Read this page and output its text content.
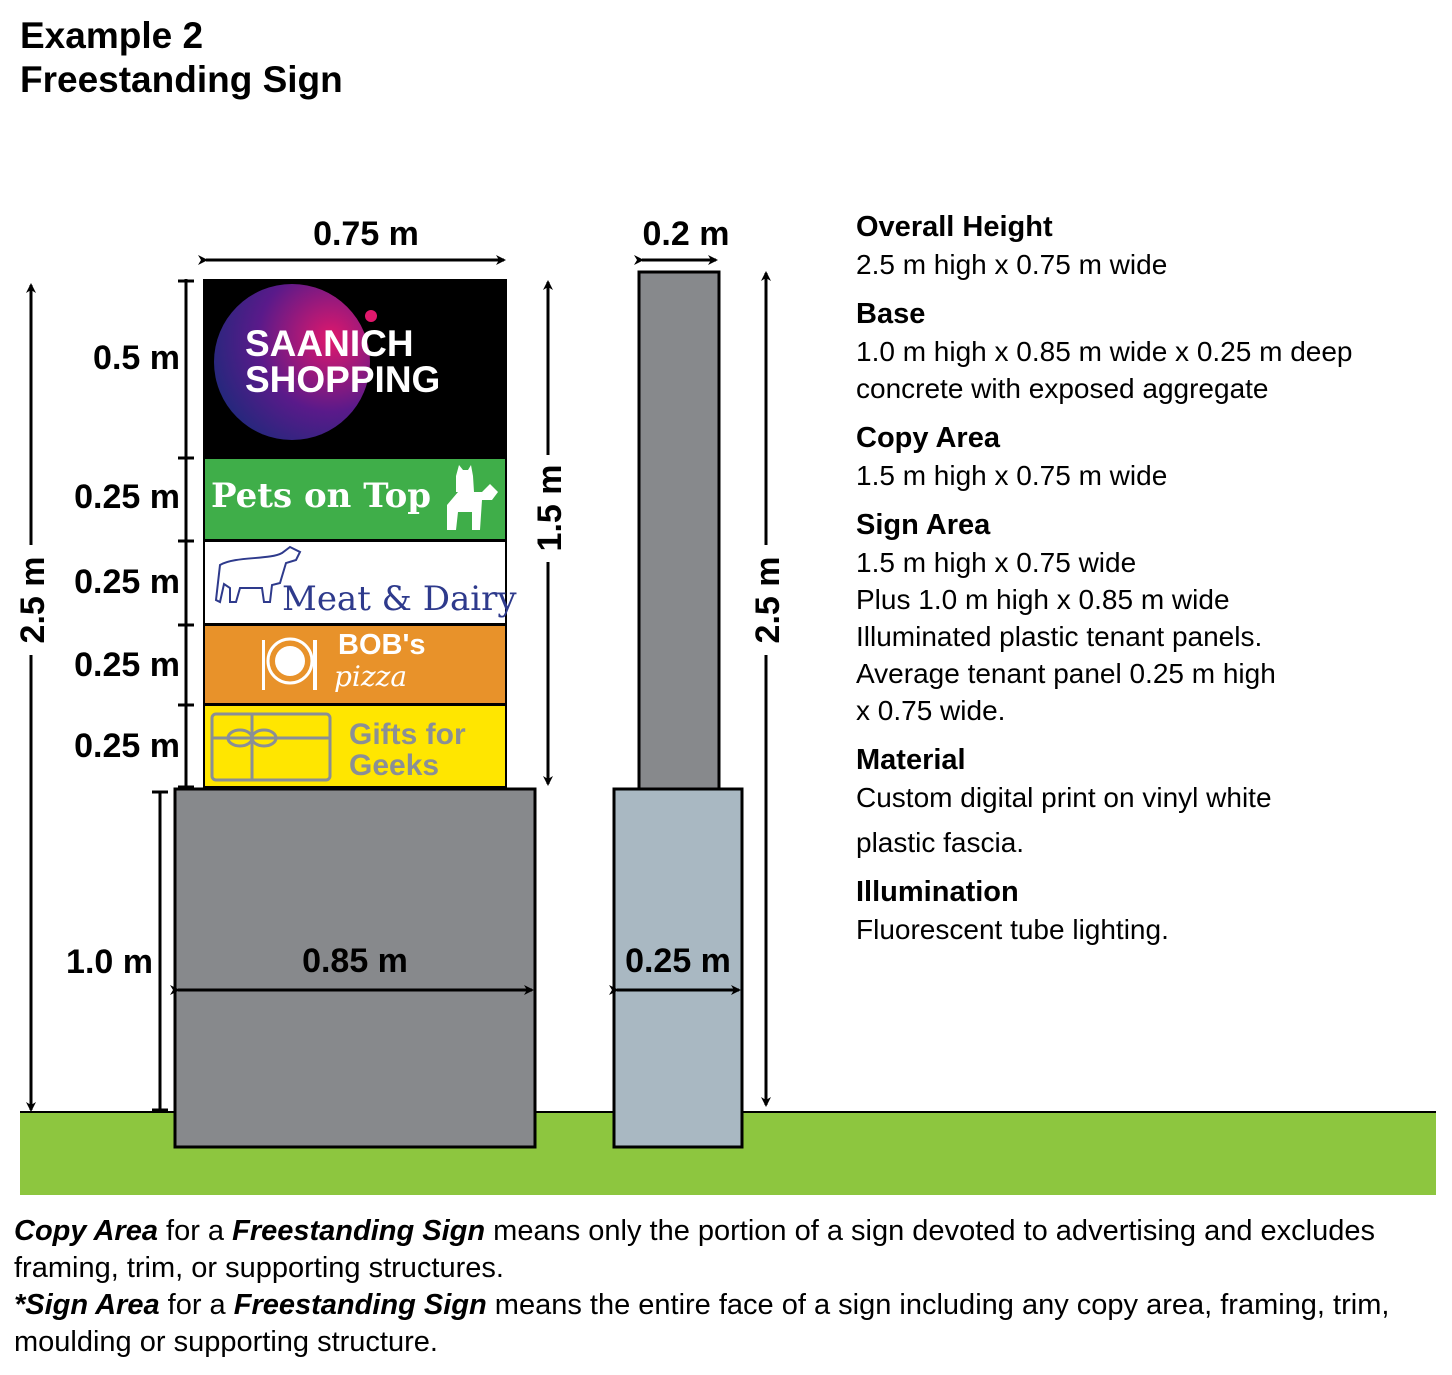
Example 2
Freestanding Sign
SAANICH
SHOPPING
Pets on Top
Meat & Dairy
BOB's
pizza
Gifts for
Geeks
0.75 m
0.5 m
0.25 m
0.25 m
0.25 m
0.25 m
1.0 m	0.85 m
2.5 m
1.5 m
0.2 m
0.25 m
2.5 m
Overall Height
2.5 m high x 0.75 m wide
Base
1.0 m high x 0.85 m wide x 0.25 m deep
concrete with exposed aggregate
Copy Area
1.5 m high x 0.75 m wide
Sign Area
1.5 m high x 0.75 wide
Plus 1.0 m high x 0.85 m wide
Illuminated plastic tenant panels.
Average tenant panel 0.25 m high
x 0.75 wide.
Material
Custom digital print on vinyl white
plastic fascia.
Illumination
Fluorescent tube lighting.
Copy Area for a Freestanding Sign means only the portion of a sign devoted to advertising and excludes framing, trim, or supporting structures.
*Sign Area for a Freestanding Sign means the entire face of a sign including any copy area, framing, trim, moulding or supporting structure.
